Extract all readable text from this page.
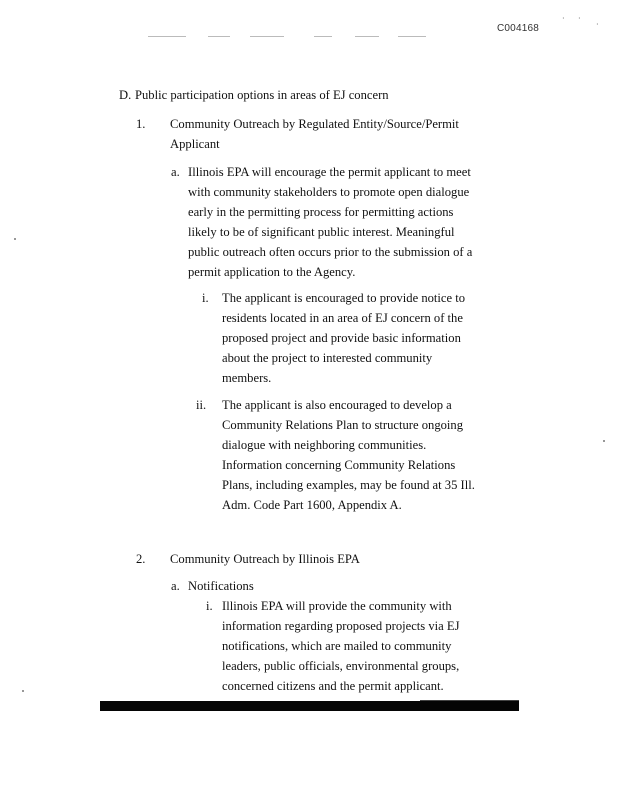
· ·
·
C004168
D. Public participation options in areas of EJ concern
1. Community Outreach by Regulated Entity/Source/Permit
Applicant
a. Illinois EPA will encourage the permit applicant to meet
with community stakeholders to promote open dialogue
early in the permitting process for permitting actions
likely to be of significant public interest. Meaningful
public outreach often occurs prior to the submission of a
permit application to the Agency.
i. The applicant is encouraged to provide notice to
residents located in an area of EJ concern of the
proposed project and provide basic information
about the project to interested community
members.
ii. The applicant is also encouraged to develop a
Community Relations Plan to structure ongoing
dialogue with neighboring communities.
Information concerning Community Relations
Plans, including examples, may be found at 35 Ill.
Adm. Code Part 1600, Appendix A.
2. Community Outreach by Illinois EPA
a. Notifications
i. Illinois EPA will provide the community with
information regarding proposed projects via EJ
notifications, which are mailed to community
leaders, public officials, environmental groups,
concerned citizens and the permit applicant.
